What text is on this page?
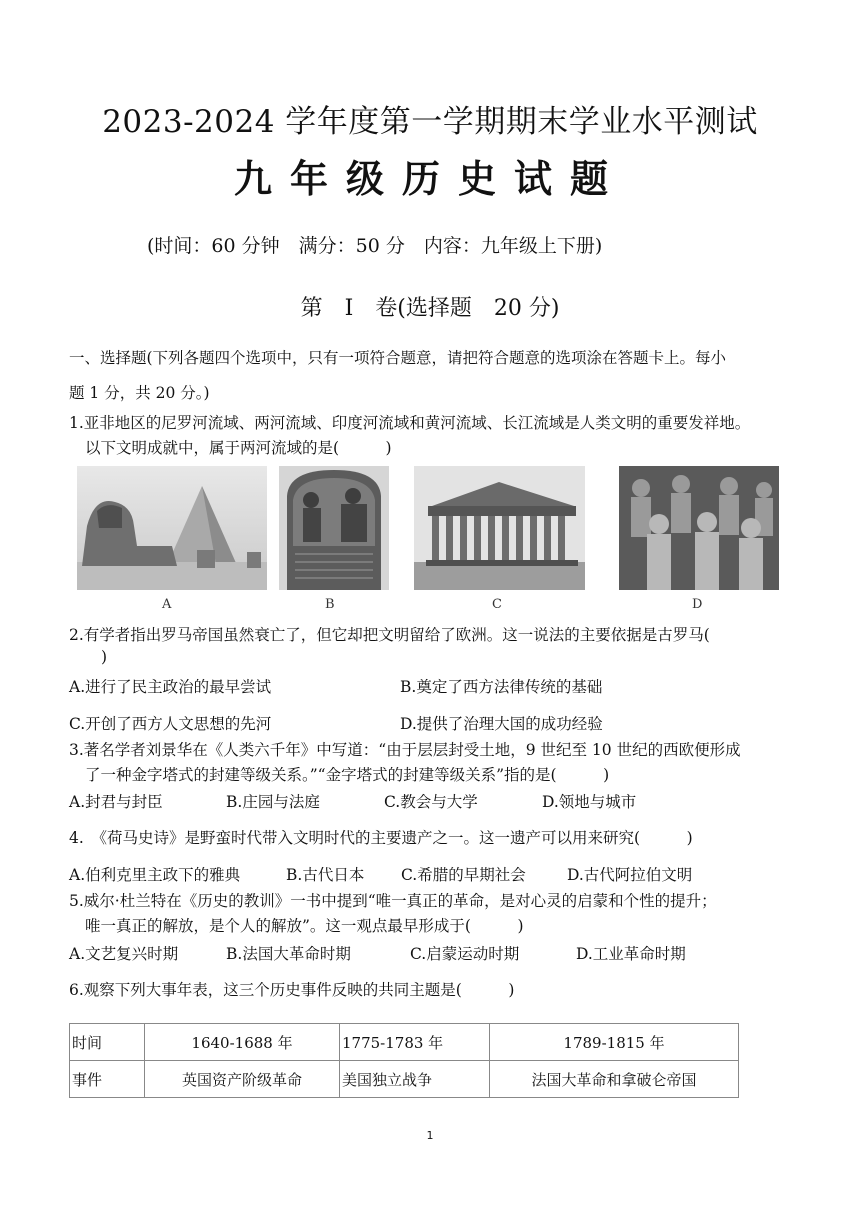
2023-2024 学年度第一学期期末学业水平测试
九年级历史试题
(时间：60 分钟　满分：50 分　内容：九年级上下册)
第　I　卷(选择题　20 分)
一、选择题(下列各题四个选项中，只有一项符合题意，请把符合题意的选项涂在答题卡上。每小
题 1 分，共 20 分。)
1.亚非地区的尼罗河流域、两河流域、印度河流域和黄河流域、长江流域是人类文明的重要发祥地。
以下文明成就中，属于两河流域的是(　　　)
A	B	C	D
2.有学者指出罗马帝国虽然衰亡了，但它却把文明留给了欧洲。这一说法的主要依据是古罗马(
)
A.进行了民主政治的最早尝试	B.奠定了西方法律传统的基础
C.开创了西方人文思想的先河	D.提供了治理大国的成功经验
3.著名学者刘景华在《人类六千年》中写道：“由于层层封受土地，9 世纪至 10 世纪的西欧便形成
了一种金字塔式的封建等级关系。”“金字塔式的封建等级关系”指的是(　　　)
A.封君与封臣	B.庄园与法庭	C.教会与大学	D.领地与城市
4.　《荷马史诗》是野蛮时代带入文明时代的主要遗产之一。这一遗产可以用来研究(　　　)
A.伯利克里主政下的雅典	B.古代日本 C.希腊的早期社会	D.古代阿拉伯文明
5.威尔·杜兰特在《历史的教训》一书中提到“唯一真正的革命，是对心灵的启蒙和个性的提升；
唯一真正的解放，是个人的解放”。这一观点最早形成于(　　　)
A.文艺复兴时期	B.法国大革命时期	C.启蒙运动时期	D.工业革命时期
6.观察下列大事年表，这三个历史事件反映的共同主题是(　　　)
时间	1640-1688 年	1775-1783 年	1789-1815 年
事件	英国资产阶级革命	美国独立战争	法国大革命和拿破仑帝国
1
